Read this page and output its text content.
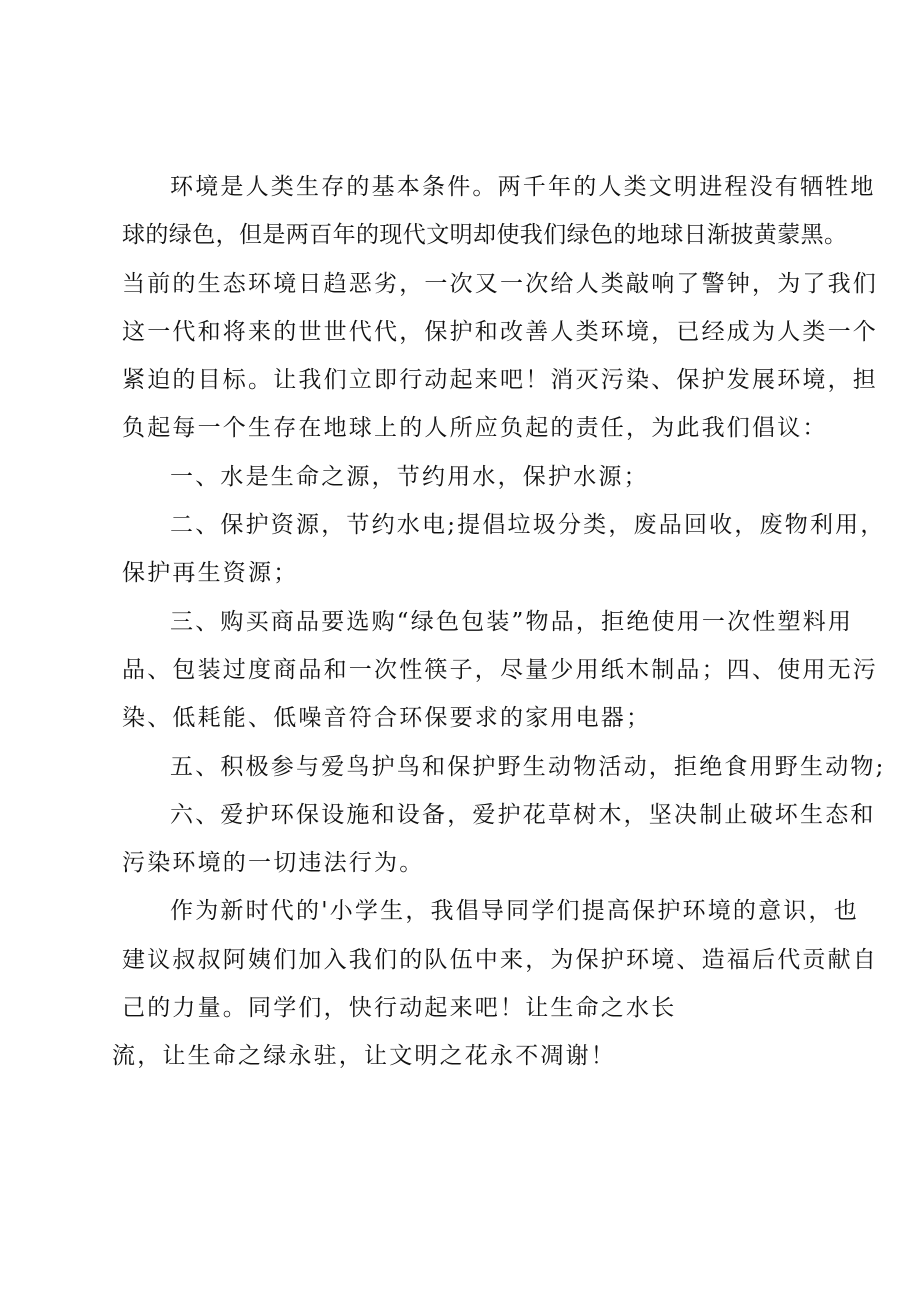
环境是人类生存的基本条件。两千年的人类文明进程没有牺牲地
球的绿色，但是两百年的现代文明却使我们绿色的地球日渐披黄蒙黑。
当前的生态环境日趋恶劣，一次又一次给人类敲响了警钟，为了我们
这一代和将来的世世代代，保护和改善人类环境，已经成为人类一个
紧迫的目标。让我们立即行动起来吧！消灭污染、保护发展环境，担
负起每一个生存在地球上的人所应负起的责任，为此我们倡议：
一、水是生命之源，节约用水，保护水源；
二、保护资源，节约水电;提倡垃圾分类，废品回收，废物利用，
保护再生资源；
三、购买商品要选购“绿色包装”物品，拒绝使用一次性塑料用
品、包装过度商品和一次性筷子，尽量少用纸木制品；四、使用无污
染、低耗能、低噪音符合环保要求的家用电器；
五、积极参与爱鸟护鸟和保护野生动物活动，拒绝食用野生动物;
六、爱护环保设施和设备，爱护花草树木，坚决制止破坏生态和
污染环境的一切违法行为。
作为新时代的'小学生，我倡导同学们提高保护环境的意识，也
建议叔叔阿姨们加入我们的队伍中来，为保护环境、造福后代贡献自
己的力量。同学们，快行动起来吧！让生命之水长
流，让生命之绿永驻，让文明之花永不凋谢！
